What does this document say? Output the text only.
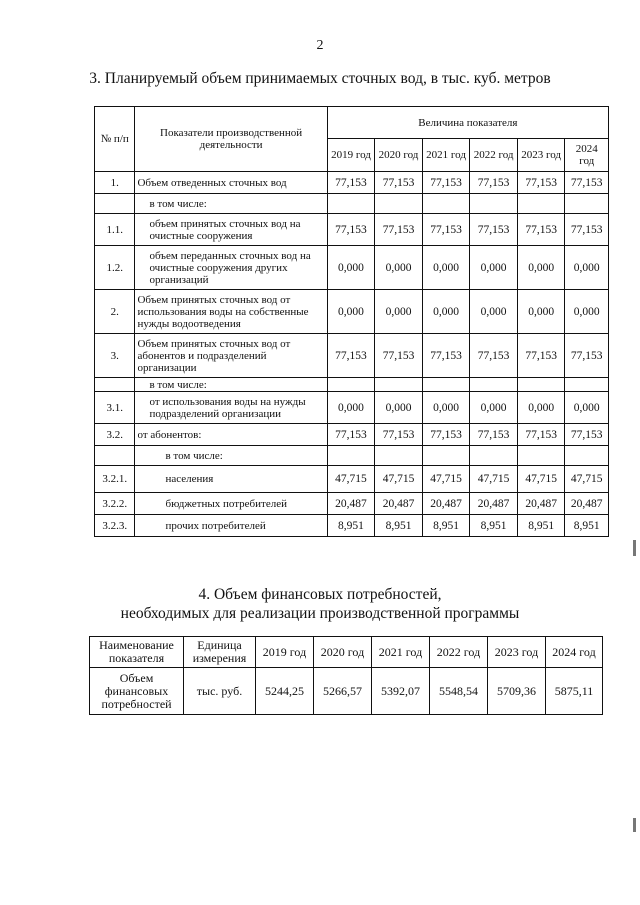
2
3. Планируемый объем принимаемых сточных вод, в тыс. куб. метров
№ п/п	Показатели производственной деятельности	Величина показателя					
		2019 год	2020 год	2021 год	2022 год	2023 год	2024 год
1.	Объем отведенных сточных вод	77,153	77,153	77,153	77,153	77,153	77,153
	в том числе:						
1.1.	объем принятых сточных вод на очистные сооружения	77,153	77,153	77,153	77,153	77,153	77,153
1.2.	объем переданных сточных вод на очистные сооружения других организаций	0,000	0,000	0,000	0,000	0,000	0,000
2.	Объем принятых сточных вод от использования воды на собственные нужды водоотведения	0,000	0,000	0,000	0,000	0,000	0,000
3.	Объем принятых сточных вод от абонентов и подразделений организации	77,153	77,153	77,153	77,153	77,153	77,153
	в том числе:						
3.1.	от использования воды на нужды подразделений организации	0,000	0,000	0,000	0,000	0,000	0,000
3.2.	от абонентов:	77,153	77,153	77,153	77,153	77,153	77,153
	в том числе:						
3.2.1.	населения	47,715	47,715	47,715	47,715	47,715	47,715
3.2.2.	бюджетных потребителей	20,487	20,487	20,487	20,487	20,487	20,487
3.2.3.	прочих потребителей	8,951	8,951	8,951	8,951	8,951	8,951
4. Объем финансовых потребностей,
необходимых для реализации производственной программы
Наименование показателя	Единица измерения	2019 год	2020 год	2021 год	2022 год	2023 год	2024 год
Объем финансовых потребностей	тыс. руб.	5244,25	5266,57	5392,07	5548,54	5709,36	5875,11
